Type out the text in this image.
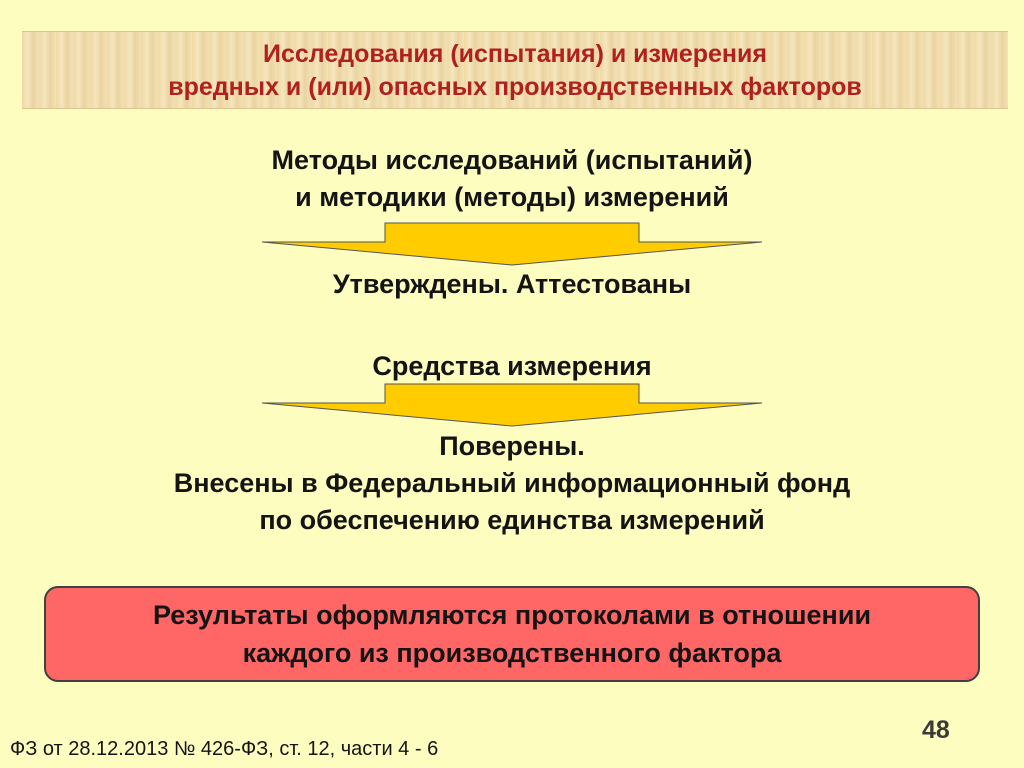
Исследования (испытания) и измерения
вредных и (или) опасных производственных факторов
Методы исследований (испытаний)
и методики (методы) измерений
Утверждены. Аттестованы
Средства измерения
Поверены.
Внесены в Федеральный информационный фонд
по обеспечению единства измерений
Результаты оформляются протоколами в отношении
каждого из производственного фактора
48
ФЗ от 28.12.2013 № 426-ФЗ, ст. 12, части 4 - 6
